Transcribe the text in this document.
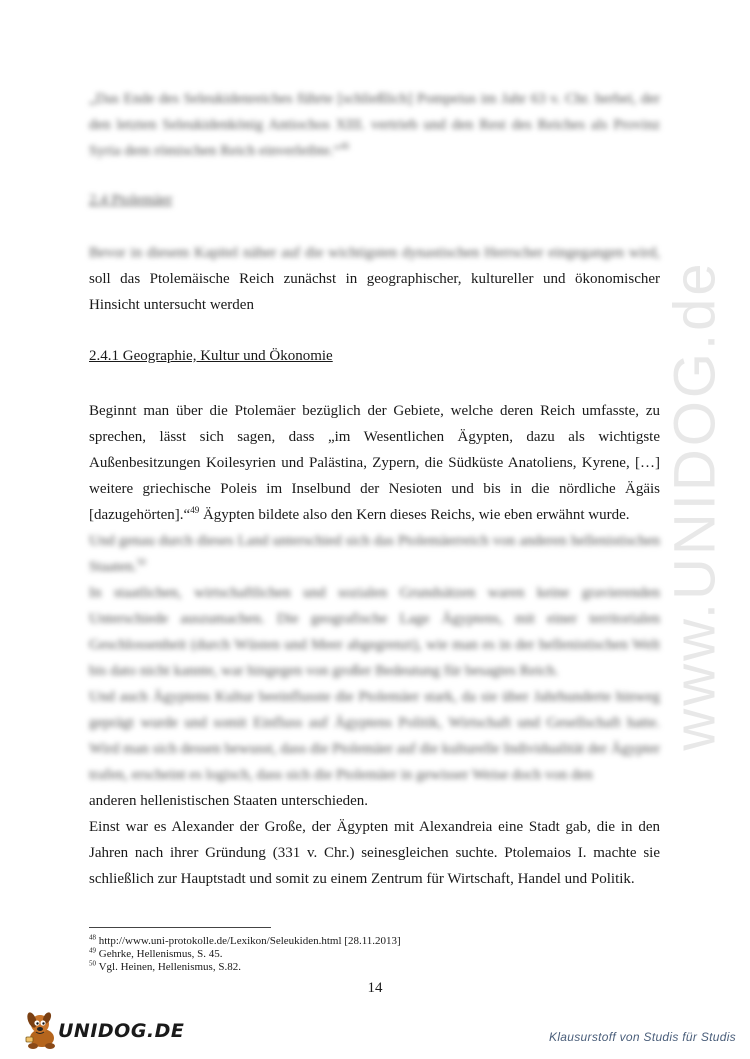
www.UNIDOG.de

„Das Ende des Seleukidenreiches führte [schließlich] Pompeius im Jahr 63 v. Chr. herbei, der den letzten Seleukidenkönig Antiochos XIII. vertrieb und den Rest des Reiches als Provinz Syria dem römischen Reich einverleibte.“$^{46}$

2.4 Ptolemäer

Bevor in diesem Kapitel näher auf die wichtigsten dynastischen Herrscher eingegangen wird, soll das Ptolemäische Reich zunächst in geographischer, kultureller und ökonomischer Hinsicht untersucht werden

2.4.1 Geographie, Kultur und Ökonomie

Beginnt man über die Ptolemäer bezüglich der Gebiete, welche deren Reich umfasste, zu sprechen, lässt sich sagen, dass „im Wesentlichen Ägypten, dazu als wichtigste Außenbesitzungen Koilesyrien und Palästina, Zypern, die Südküste Anatoliens, Kyrene, […] weitere griechische Poleis im Inselbund der Nesioten und bis in die nördliche Ägäis [dazugehörten].“$^{49}$ Ägypten bildete also den Kern dieses Reichs, wie eben erwähnt wurde.

Und genau durch dieses Land unterschied sich das Ptolemäerreich von anderen hellenistischen Staaten.$^{50}$

In staatlichen, wirtschaftlichen und sozialen Grundsätzen waren keine gravierenden Unterschiede auszumachen. Die geografische Lage Ägyptens, mit einer territorialen Geschlossenheit (durch Wüsten und Meer abgegrenzt), wie man es in der hellenistischen Welt bis dato nicht kannte, war hingegen von großer Bedeutung für besagtes Reich.

Und auch Ägyptens Kultur beeinflusste die Ptolemäer stark, da sie über Jahrhunderte hinweg geprägt wurde und somit Einfluss auf Ägyptens Politik, Wirtschaft und Gesellschaft hatte. Wird man sich dessen bewusst, dass die Ptolemäer auf die kulturelle Individualität der Ägypter trafen, erscheint es logisch, dass sich die Ptolemäer in gewisser Weise doch von den

anderen hellenistischen Staaten unterschieden.

Einst war es Alexander der Große, der Ägypten mit Alexandreia eine Stadt gab, die in den Jahren nach ihrer Gründung (331 v. Chr.) seinesgleichen suchte. Ptolemaios I. machte sie schließlich zur Hauptstadt und somit zu einem Zentrum für Wirtschaft, Handel und Politik.

$^{48}$ http://www.uni-protokolle.de/Lexikon/Seleukiden.html [28.11.2013]
$^{49}$ Gehrke, Hellenismus, S. 45.
$^{50}$ Vgl. Heinen, Hellenismus, S.82.
14
UNIDOG.DE	Klausurstoff von Studis für Studis
